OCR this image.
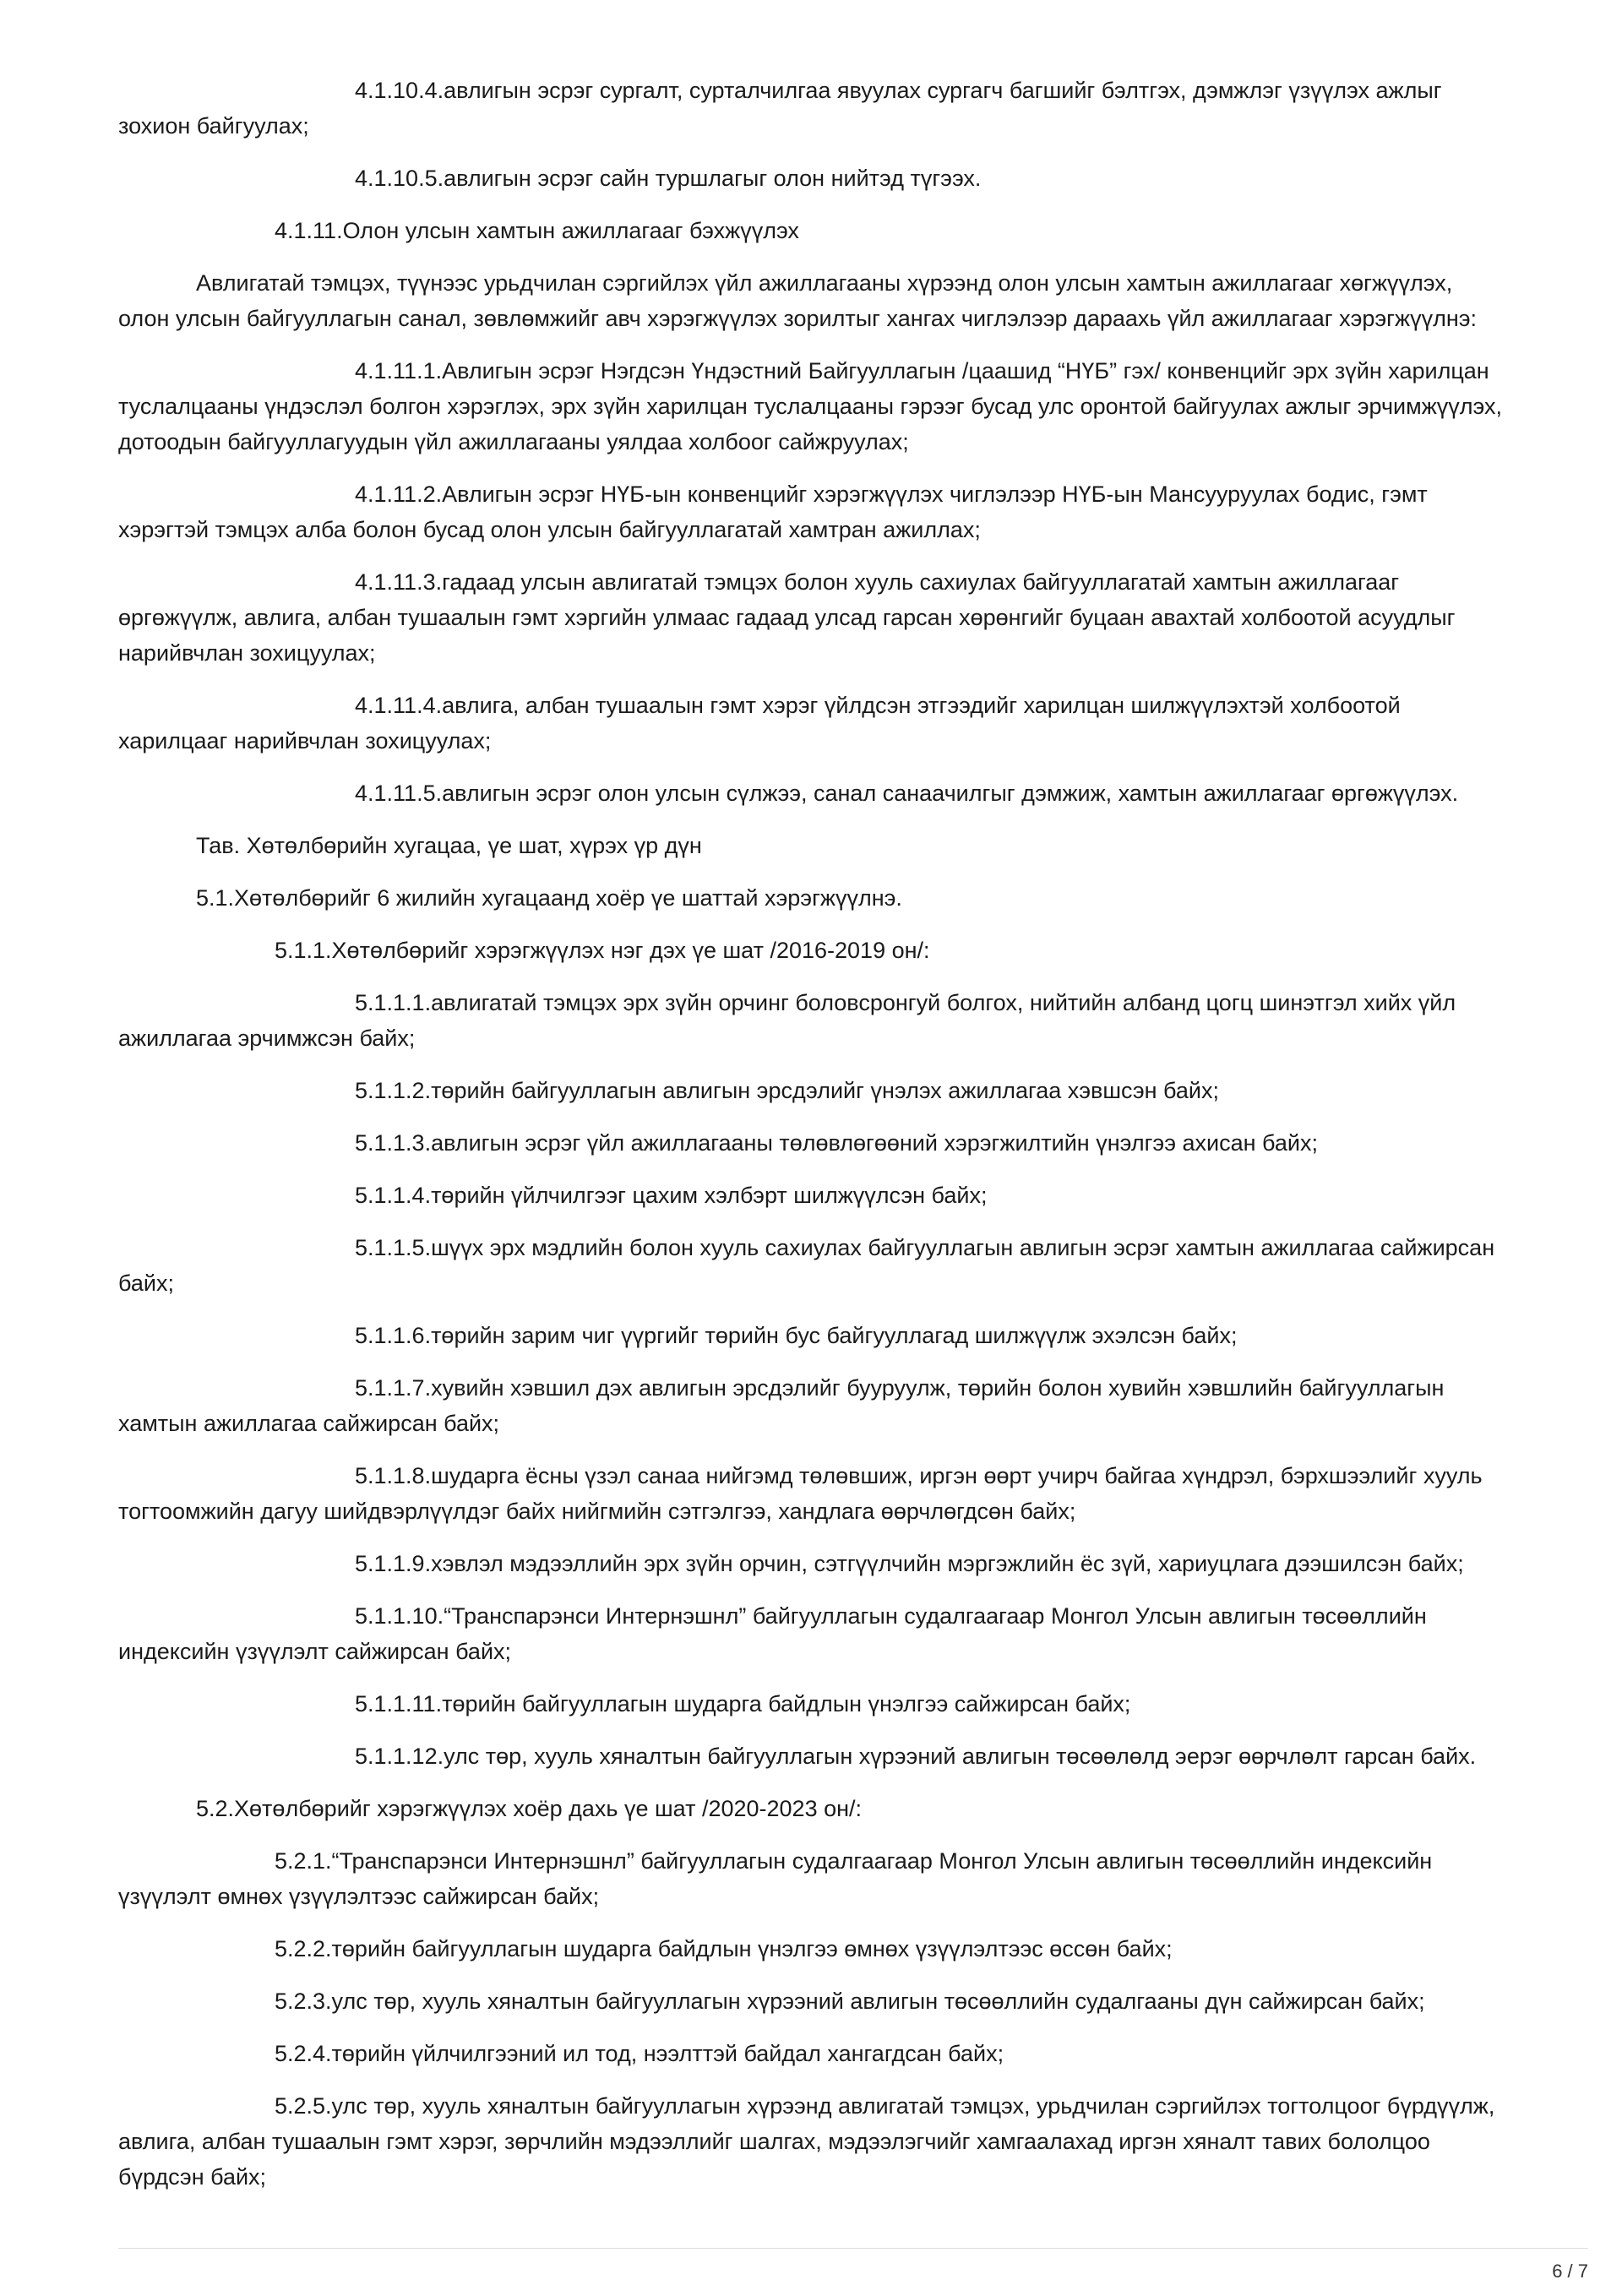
4.1.10.4.авлигын эсрэг сургалт, сурталчилгаа явуулах сургагч багшийг бэлтгэх, дэмжлэг үзүүлэх ажлыг зохион байгуулах;

4.1.10.5.авлигын эсрэг сайн туршлагыг олон нийтэд түгээх.

4.1.11.Олон улсын хамтын ажиллагааг бэхжүүлэх

Авлигатай тэмцэх, түүнээс урьдчилан сэргийлэх үйл ажиллагааны хүрээнд олон улсын хамтын ажиллагааг хөгжүүлэх, олон улсын байгууллагын санал, зөвлөмжийг авч хэрэгжүүлэх зорилтыг хангах чиглэлээр дараахь үйл ажиллагааг хэрэгжүүлнэ:

4.1.11.1.Авлигын эсрэг Нэгдсэн Үндэстний Байгууллагын /цаашид “НҮБ” гэх/ конвенцийг эрх зүйн харилцан туслалцааны үндэслэл болгон хэрэглэх, эрх зүйн харилцан туслалцааны гэрээг бусад улс оронтой байгуулах ажлыг эрчимжүүлэх, дотоодын байгууллагуудын үйл ажиллагааны уялдаа холбоог сайжруулах;

4.1.11.2.Авлигын эсрэг НҮБ-ын конвенцийг хэрэгжүүлэх чиглэлээр НҮБ-ын Мансууруулах бодис, гэмт хэрэгтэй тэмцэх алба болон бусад олон улсын байгууллагатай хамтран ажиллах;

4.1.11.3.гадаад улсын авлигатай тэмцэх болон хууль сахиулах байгууллагатай хамтын ажиллагааг өргөжүүлж, авлига, албан тушаалын гэмт хэргийн улмаас гадаад улсад гарсан хөрөнгийг буцаан авахтай холбоотой асуудлыг нарийвчлан зохицуулах;

4.1.11.4.авлига, албан тушаалын гэмт хэрэг үйлдсэн этгээдийг харилцан шилжүүлэхтэй холбоотой харилцааг нарийвчлан зохицуулах;

4.1.11.5.авлигын эсрэг олон улсын сүлжээ, санал санаачилгыг дэмжиж, хамтын ажиллагааг өргөжүүлэх.

Тав. Хөтөлбөрийн хугацаа, үе шат, хүрэх үр дүн

5.1.Хөтөлбөрийг 6 жилийн хугацаанд хоёр үе шаттай хэрэгжүүлнэ.

5.1.1.Хөтөлбөрийг хэрэгжүүлэх нэг дэх үе шат /2016-2019 он/:

5.1.1.1.авлигатай тэмцэх эрх зүйн орчинг боловсронгуй болгох, нийтийн албанд цогц шинэтгэл хийх үйл ажиллагаа эрчимжсэн байх;

5.1.1.2.төрийн байгууллагын авлигын эрсдэлийг үнэлэх ажиллагаа хэвшсэн байх;

5.1.1.3.авлигын эсрэг үйл ажиллагааны төлөвлөгөөний хэрэгжилтийн үнэлгээ ахисан байх;

5.1.1.4.төрийн үйлчилгээг цахим хэлбэрт шилжүүлсэн байх;

5.1.1.5.шүүх эрх мэдлийн болон хууль сахиулах байгууллагын авлигын эсрэг хамтын ажиллагаа сайжирсан байх;

5.1.1.6.төрийн зарим чиг үүргийг төрийн бус байгууллагад шилжүүлж эхэлсэн байх;

5.1.1.7.хувийн хэвшил дэх авлигын эрсдэлийг бууруулж, төрийн болон хувийн хэвшлийн байгууллагын хамтын ажиллагаа сайжирсан байх;

5.1.1.8.шударга ёсны үзэл санаа нийгэмд төлөвшиж, иргэн өөрт учирч байгаа хүндрэл, бэрхшээлийг хууль тогтоомжийн дагуу шийдвэрлүүлдэг байх нийгмийн сэтгэлгээ, хандлага өөрчлөгдсөн байх;

5.1.1.9.хэвлэл мэдээллийн эрх зүйн орчин, сэтгүүлчийн мэргэжлийн ёс зүй, хариуцлага дээшилсэн байх;

5.1.1.10.“Транспарэнси Интернэшнл” байгууллагын судалгаагаар Монгол Улсын авлигын төсөөллийн индексийн үзүүлэлт сайжирсан байх;

5.1.1.11.төрийн байгууллагын шударга байдлын үнэлгээ сайжирсан байх;

5.1.1.12.улс төр, хууль хяналтын байгууллагын хүрээний авлигын төсөөлөлд эерэг өөрчлөлт гарсан байх.

5.2.Хөтөлбөрийг хэрэгжүүлэх хоёр дахь үе шат /2020-2023 он/:

5.2.1.“Транспарэнси Интернэшнл” байгууллагын судалгаагаар Монгол Улсын авлигын төсөөллийн индексийн үзүүлэлт өмнөх үзүүлэлтээс сайжирсан байх;

5.2.2.төрийн байгууллагын шударга байдлын үнэлгээ өмнөх үзүүлэлтээс өссөн байх;

5.2.3.улс төр, хууль хяналтын байгууллагын хүрээний авлигын төсөөллийн судалгааны дүн сайжирсан байх;

5.2.4.төрийн үйлчилгээний ил тод, нээлттэй байдал хангагдсан байх;

5.2.5.улс төр, хууль хяналтын байгууллагын хүрээнд авлигатай тэмцэх, урьдчилан сэргийлэх тогтолцоог бүрдүүлж, авлига, албан тушаалын гэмт хэрэг, зөрчлийн мэдээллийг шалгах, мэдээлэгчийг хамгаалахад иргэн хяналт тавих бололцоо бүрдсэн байх;

6 / 7
